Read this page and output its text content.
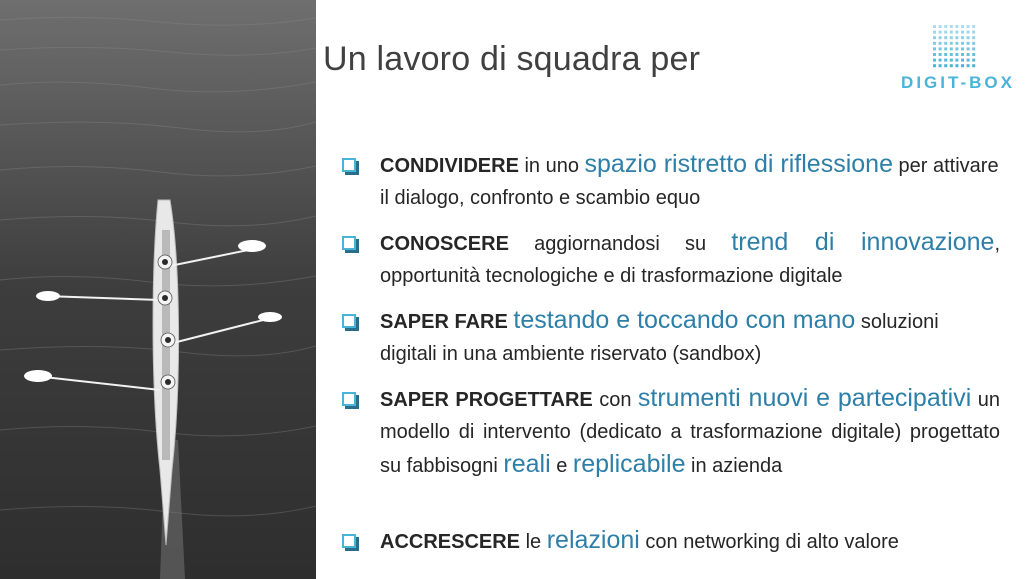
Un lavoro di squadra per
DIGIT-BOX
CONDIVIDERE in uno spazio ristretto di riflessione per attivare il dialogo, confronto e scambio equo
CONOSCERE aggiornandosi su trend di innovazione, opportunità tecnologiche e di trasformazione digitale
SAPER FARE testando e toccando con mano soluzioni digitali in una ambiente riservato (sandbox)
SAPER PROGETTARE con strumenti nuovi e partecipativi un modello di intervento (dedicato a trasformazione digitale) progettato su fabbisogni reali e replicabile in azienda
ACCRESCERE le relazioni con networking di alto valore
